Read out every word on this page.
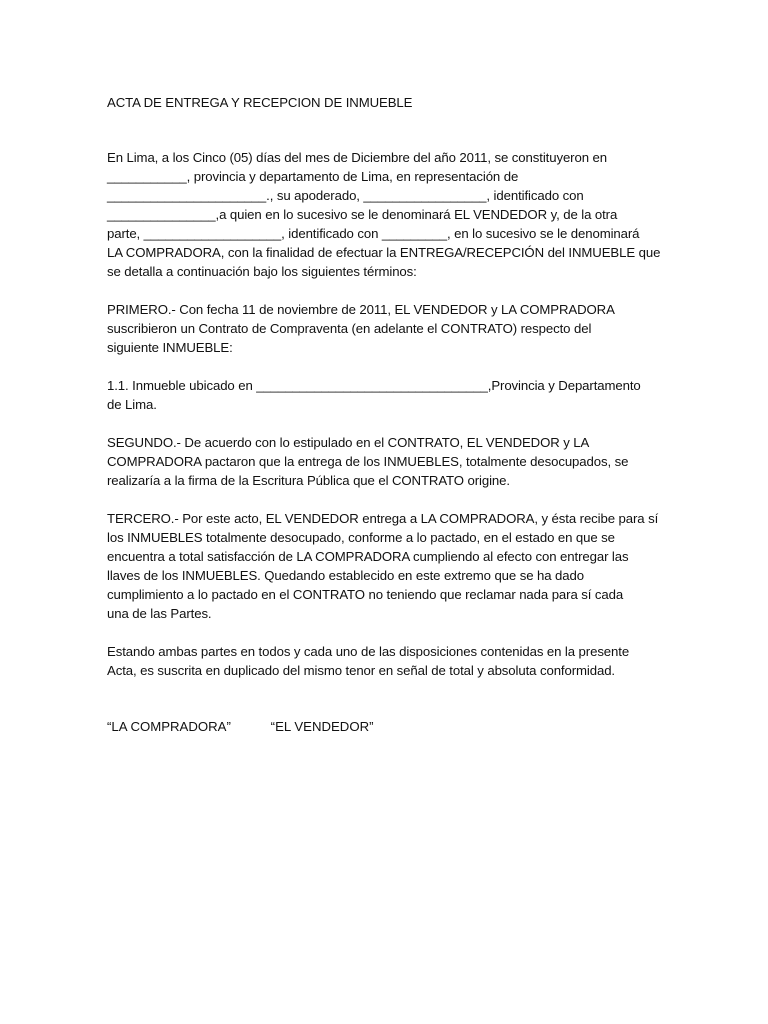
ACTA DE ENTREGA Y RECEPCION DE INMUEBLE

En Lima, a los Cinco (05) días del mes de Diciembre del año 2011, se constituyeron en
___________, provincia y departamento de Lima, en representación de
______________________., su apoderado, _________________, identificado con
_______________,a quien en lo sucesivo se le denominará EL VENDEDOR y, de la otra
parte, ___________________, identificado con _________, en lo sucesivo se le denominará
LA COMPRADORA, con la finalidad de efectuar la ENTREGA/RECEPCIÓN del INMUEBLE que
se detalla a continuación bajo los siguientes términos:

PRIMERO.- Con fecha 11 de noviembre de 2011, EL VENDEDOR y LA COMPRADORA
suscribieron un Contrato de Compraventa (en adelante el CONTRATO) respecto del
siguiente INMUEBLE:

1.1. Inmueble ubicado en ________________________________,Provincia y Departamento
de Lima.

SEGUNDO.- De acuerdo con lo estipulado en el CONTRATO, EL VENDEDOR y LA
COMPRADORA pactaron que la entrega de los INMUEBLES, totalmente desocupados, se
realizaría a la firma de la Escritura Pública que el CONTRATO origine.

TERCERO.- Por este acto, EL VENDEDOR entrega a LA COMPRADORA, y ésta recibe para sí
los INMUEBLES totalmente desocupado, conforme a lo pactado, en el estado en que se
encuentra a total satisfacción de LA COMPRADORA cumpliendo al efecto con entregar las
llaves de los INMUEBLES. Quedando establecido en este extremo que se ha dado
cumplimiento a lo pactado en el CONTRATO no teniendo que reclamar nada para sí cada
una de las Partes.

Estando ambas partes en todos y cada uno de las disposiciones contenidas en la presente
Acta, es suscrita en duplicado del mismo tenor en señal de total y absoluta conformidad.

“LA COMPRADORA”	“EL VENDEDOR”
